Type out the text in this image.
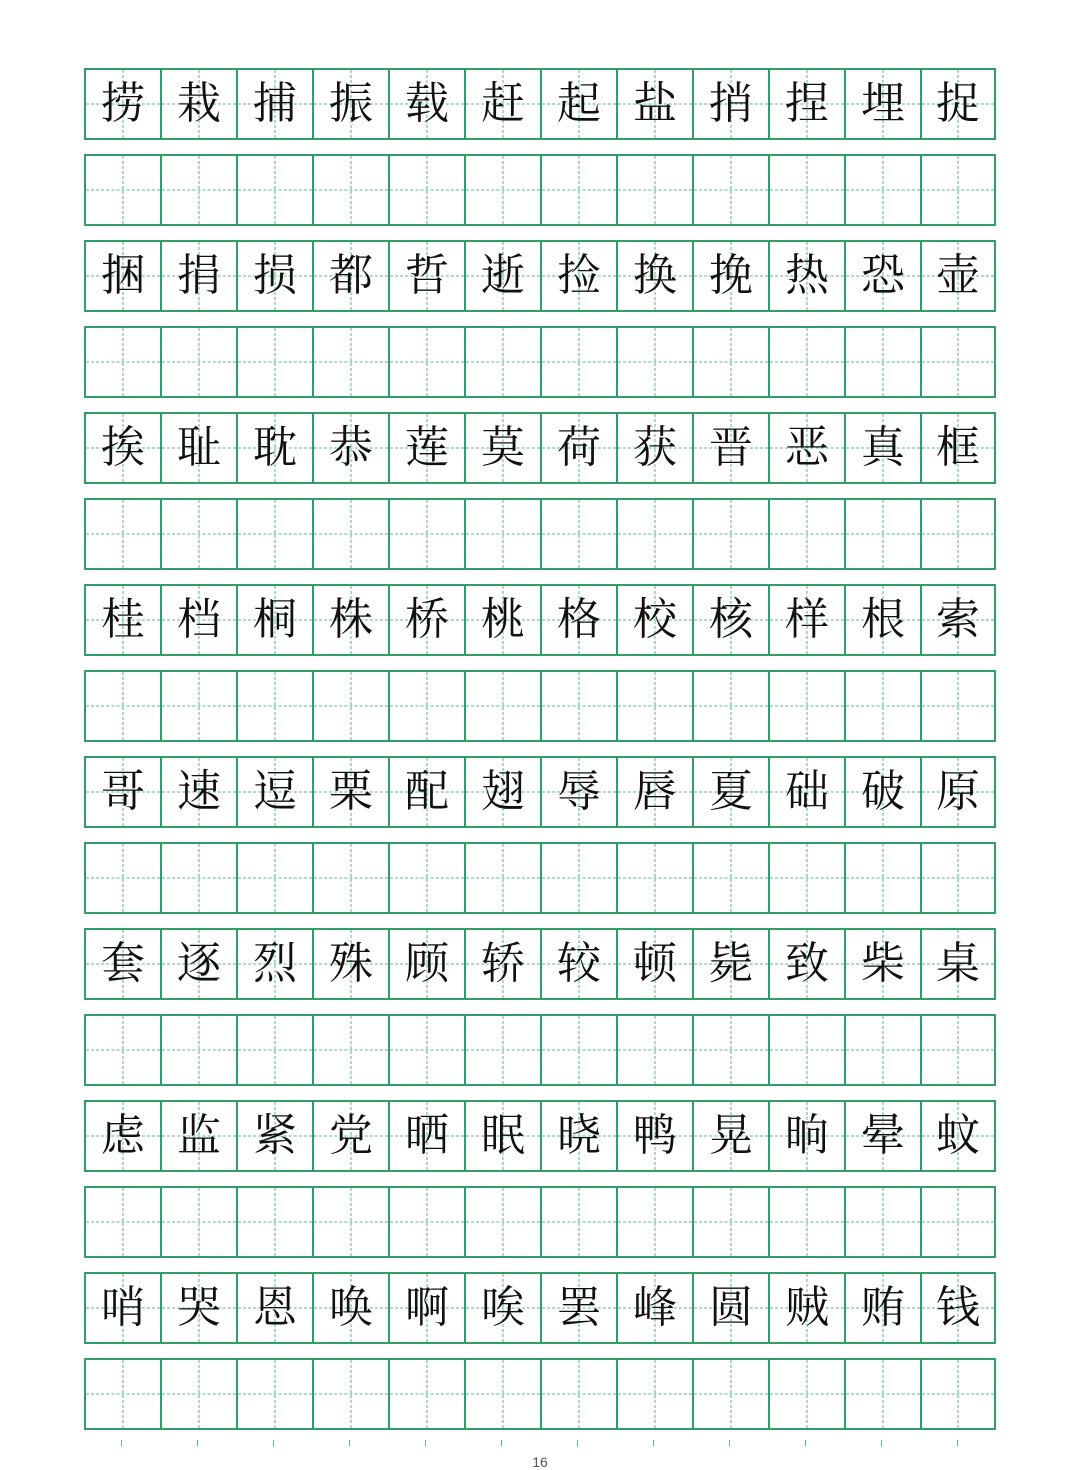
捞 栽 捕 振 载 赶 起 盐 捎 捏 埋 捉
捆 捐 损 都 哲 逝 捡 换 挽 热 恐 壶
挨 耻 耽 恭 莲 莫 荷 获 晋 恶 真 框
桂 档 桐 株 桥 桃 格 校 核 样 根 索
哥 速 逗 栗 配 翅 辱 唇 夏 础 破 原
套 逐 烈 殊 顾 轿 较 顿 毙 致 柴 桌
虑 监 紧 党 晒 眠 晓 鸭 晃 晌 晕 蚊
哨 哭 恩 唤 啊 唉 罢 峰 圆 贼 贿 钱
16
